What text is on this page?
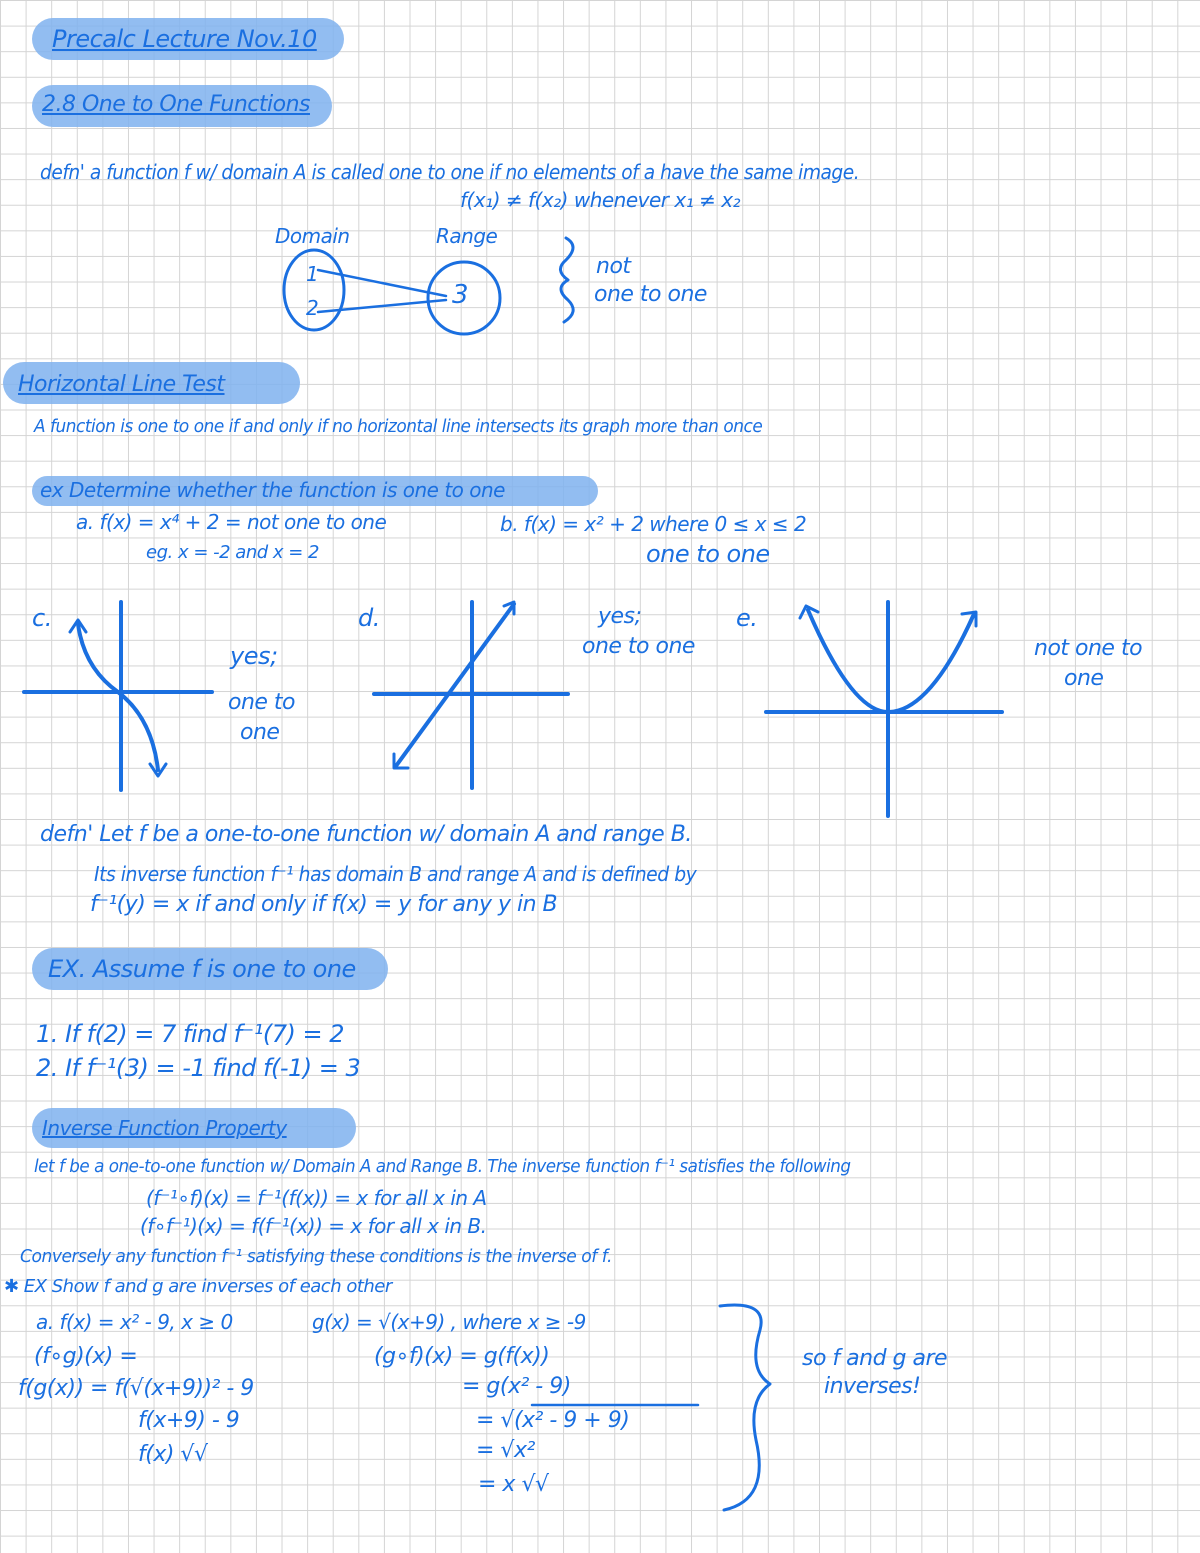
Precalc Lecture Nov.10
2.8 One to One Functions
defn' a function f w/ domain A is called one to one if no elements of a have the same image.
f(x₁) ≠ f(x₂) whenever x₁ ≠ x₂
Domain	Range
1
2	3
not
one to one
Horizontal Line Test
A function is one to one if and only if no horizontal line intersects its graph more than once
ex Determine whether the function is one to one
a. f(x) = x⁴ + 2 = not one to one
eg. x = -2 and x = 2
b. f(x) = x² + 2 where 0 ≤ x ≤ 2
one to one
c.
yes;
one to
one
d.	yes;
one to one
e.
not one to
one
defn' Let f be a one-to-one function w/ domain A and range B.
Its inverse function f⁻¹ has domain B and range A and is defined by
f⁻¹(y) = x if and only if f(x) = y for any y in B
EX. Assume f is one to one
1. If f(2) = 7 find f⁻¹(7) = 2
2. If f⁻¹(3) = -1 find f(-1) = 3
Inverse Function Property
let f be a one-to-one function w/ Domain A and Range B. The inverse function f⁻¹ satisfies the following
(f⁻¹∘f)(x) = f⁻¹(f(x)) = x for all x in A
(f∘f⁻¹)(x) = f(f⁻¹(x)) = x for all x in B.
Conversely any function f⁻¹ satisfying these conditions is the inverse of f.
✱ EX Show f and g are inverses of each other
a. f(x) = x² - 9, x ≥ 0	g(x) = √(x+9) , where x ≥ -9
(f∘g)(x) =
f(g(x)) = f(√(x+9))² - 9
f(x+9) - 9
f(x) √√
(g∘f)(x) = g(f(x))
= g(x² - 9)
= √(x² - 9 + 9)
= √x²
= x √√
so f and g are
inverses!
